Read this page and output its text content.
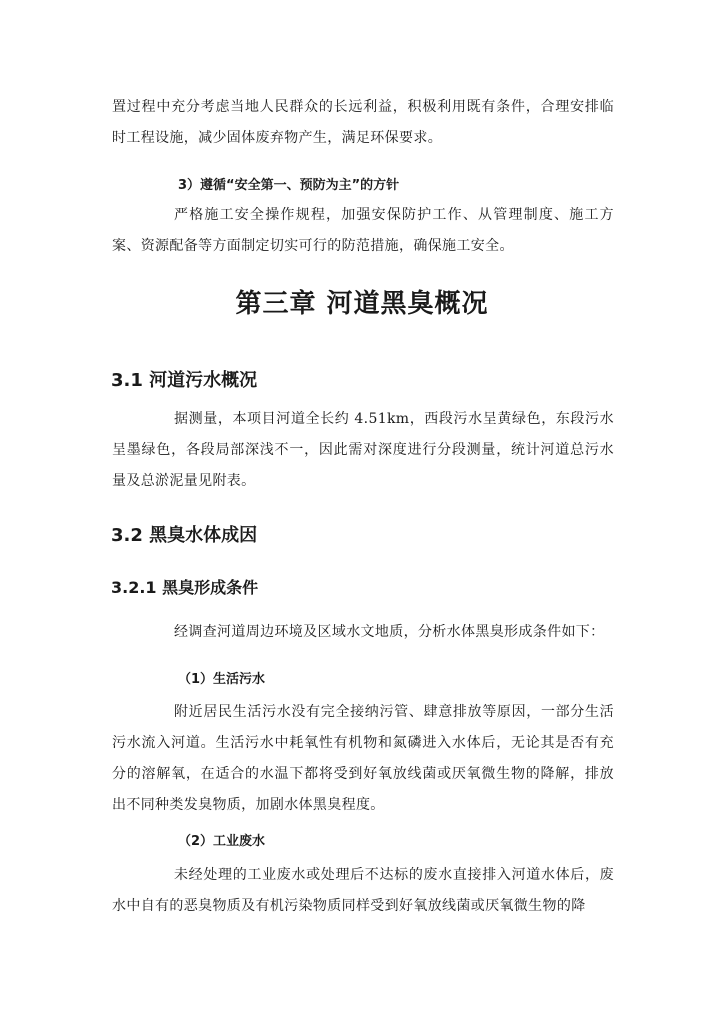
置过程中充分考虑当地人民群众的长远利益，积极利用既有条件，合理安排临时工程设施，减少固体废弃物产生，满足环保要求。

3）遵循“安全第一、预防为主”的方针

严格施工安全操作规程，加强安保防护工作、从管理制度、施工方案、资源配备等方面制定切实可行的防范措施，确保施工安全。

第三章 河道黑臭概况
3.1 河道污水概况

据测量，本项目河道全长约 4.51km，西段污水呈黄绿色，东段污水呈墨绿色，各段局部深浅不一，因此需对深度进行分段测量，统计河道总污水量及总淤泥量见附表。

3.2 黑臭水体成因
3.2.1 黑臭形成条件

经调查河道周边环境及区域水文地质，分析水体黑臭形成条件如下：

（1）生活污水

附近居民生活污水没有完全接纳污管、肆意排放等原因，一部分生活污水流入河道。生活污水中耗氧性有机物和氮磷进入水体后，无论其是否有充分的溶解氧，在适合的水温下都将受到好氧放线菌或厌氧微生物的降解，排放出不同种类发臭物质，加剧水体黑臭程度。

（2）工业废水

未经处理的工业废水或处理后不达标的废水直接排入河道水体后，废水中自有的恶臭物质及有机污染物质同样受到好氧放线菌或厌氧微生物的降
